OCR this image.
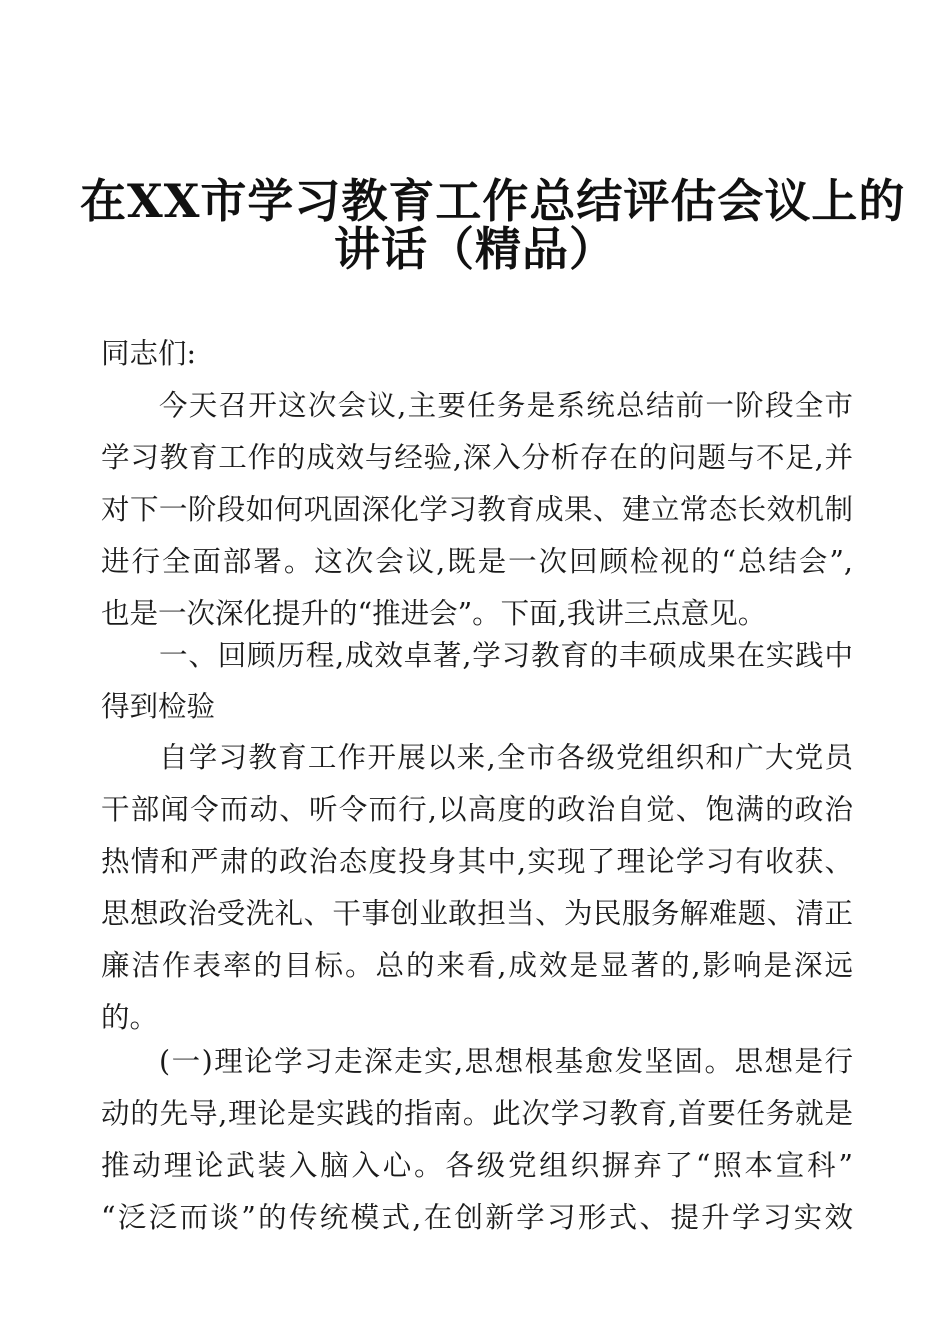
在XX市学习教育工作总结评估会议上的
讲话（精品）
同志们:
今天召开这次会议,主要任务是系统总结前一阶段全市
学习教育工作的成效与经验,深入分析存在的问题与不足,并
对下一阶段如何巩固深化学习教育成果、建立常态长效机制
进行全面部署。这次会议,既是一次回顾检视的“总结会”,
也是一次深化提升的“推进会”。下面,我讲三点意见。
一、回顾历程,成效卓著,学习教育的丰硕成果在实践中
得到检验
自学习教育工作开展以来,全市各级党组织和广大党员
干部闻令而动、听令而行,以高度的政治自觉、饱满的政治
热情和严肃的政治态度投身其中,实现了理论学习有收获、
思想政治受洗礼、干事创业敢担当、为民服务解难题、清正
廉洁作表率的目标。总的来看,成效是显著的,影响是深远
的。
(一)理论学习走深走实,思想根基愈发坚固。思想是行
动的先导,理论是实践的指南。此次学习教育,首要任务就是
推动理论武装入脑入心。各级党组织摒弃了“照本宣科”
“泛泛而谈”的传统模式,在创新学习形式、提升学习实效
